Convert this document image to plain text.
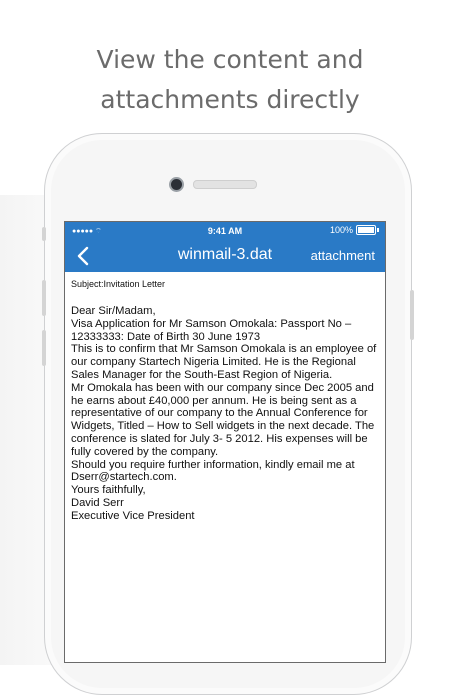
View the content and
attachments directly
●●●●● ⌔	9:41 AM	100%
winmail-3.dat	attachment
Subject:Invitation Letter
Dear Sir/Madam,
Visa Application for Mr Samson Omokala: Passport No –
12333333: Date of Birth 30 June 1973
This is to confirm that Mr Samson Omokala is an employee of
our company Startech Nigeria Limited. He is the Regional
Sales Manager for the South-East Region of Nigeria.
Mr Omokala has been with our company since Dec 2005 and
he earns about £40,000 per annum. He is being sent as a
representative of our company to the Annual Conference for
Widgets, Titled – How to Sell widgets in the next decade. The
conference is slated for July 3- 5 2012. His expenses will be
fully covered by the company.
Should you require further information, kindly email me at
Dserr@startech.com.
Yours faithfully,
David Serr
Executive Vice President
